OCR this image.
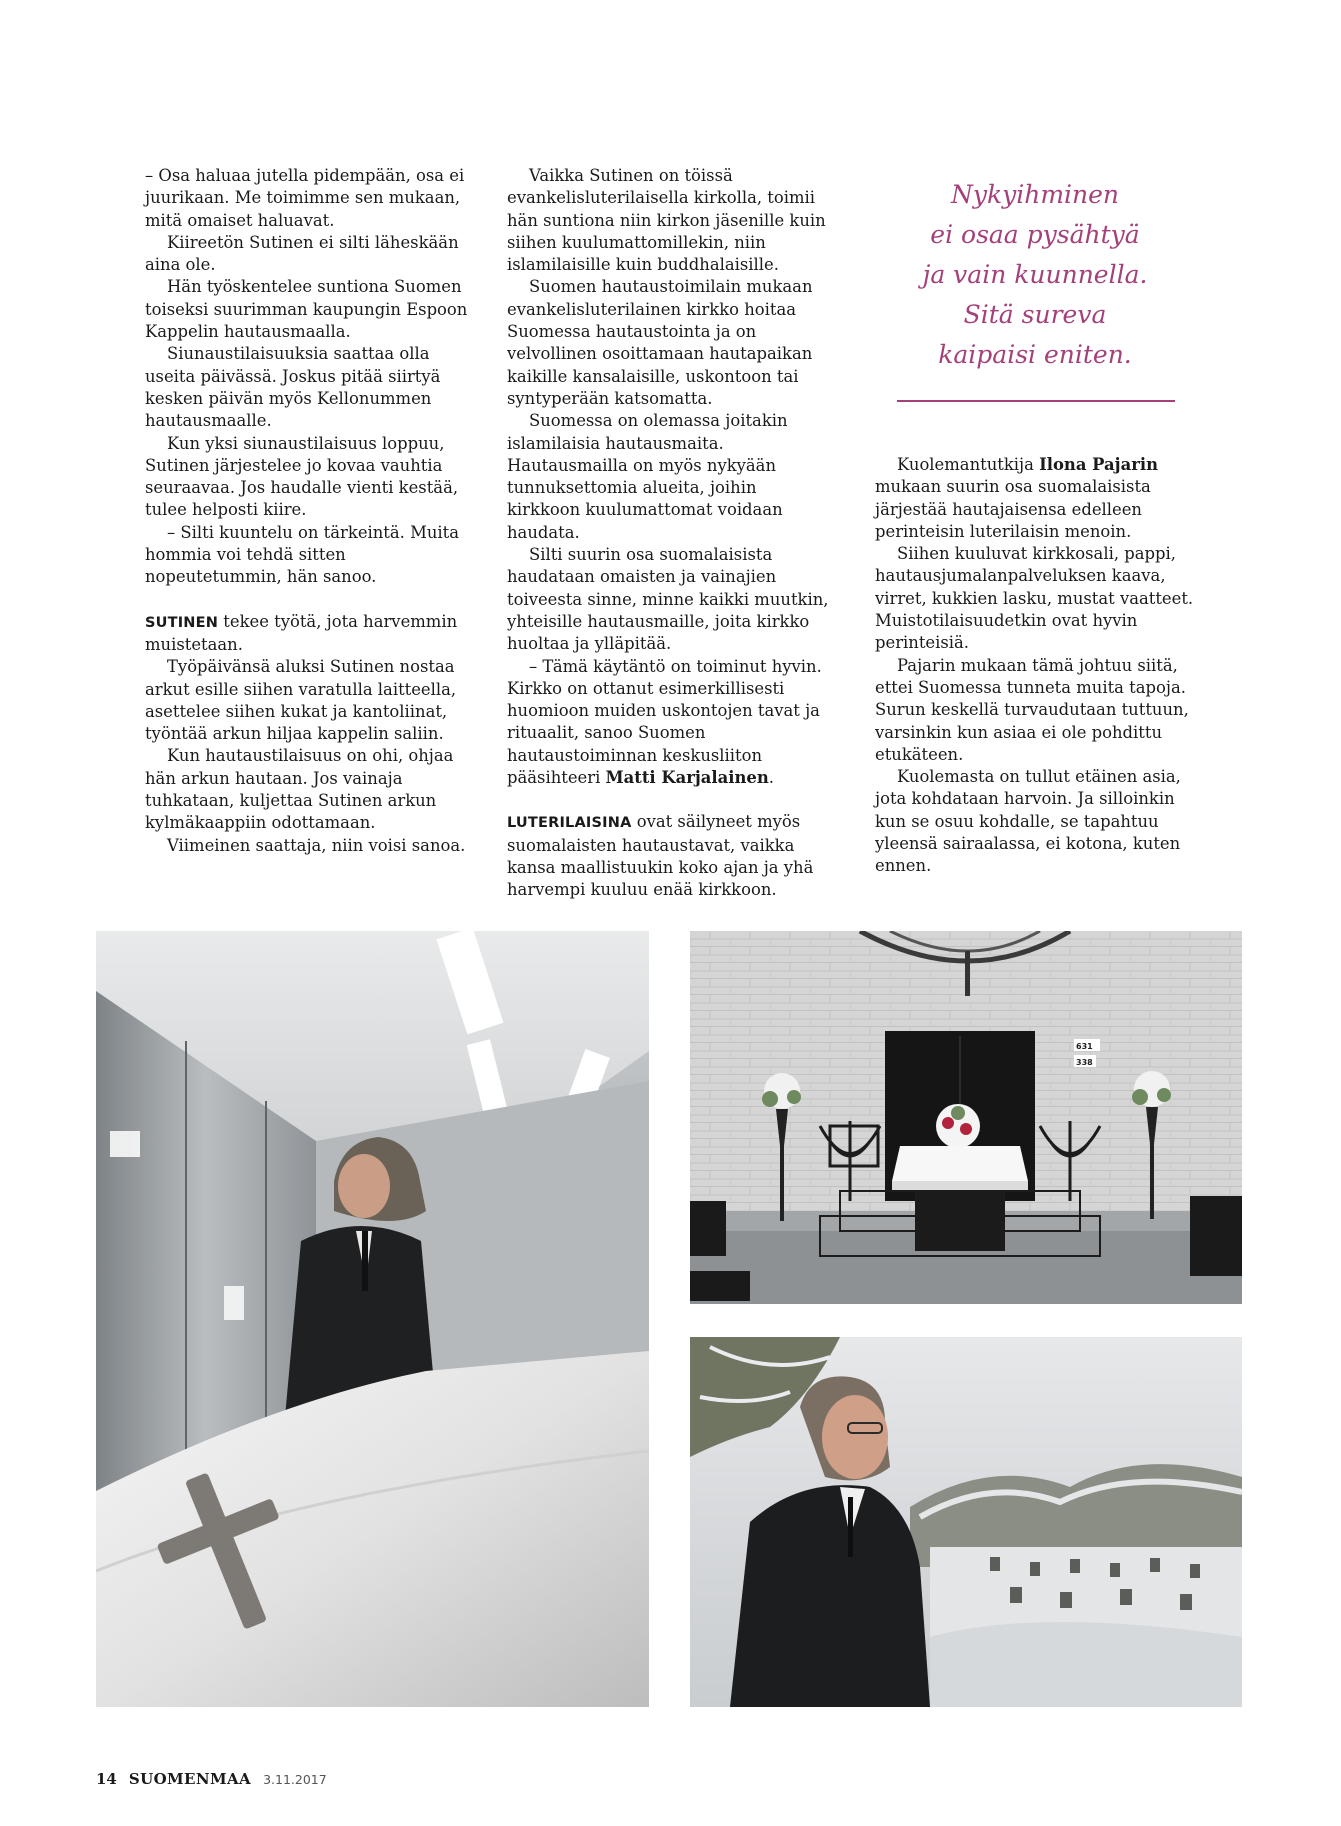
– Osa haluaa jutella pidempään, osa ei juurikaan. Me toimimme sen mukaan, mitä omaiset haluavat.

Kiireetön Sutinen ei silti läheskään aina ole.

Hän työskentelee suntiona Suomen toiseksi suurimman kaupungin Espoon Kappelin hautausmaalla.

Siunaustilaisuuksia saattaa olla useita päivässä. Joskus pitää siirtyä kesken päivän myös Kellonummen hautausmaalle.

Kun yksi siunaustilaisuus loppuu, Sutinen järjestelee jo kovaa vauhtia seuraavaa. Jos haudalle vienti kestää, tulee helposti kiire.

– Silti kuuntelu on tärkeintä. Muita hommia voi tehdä sitten nopeutetummin, hän sanoo.

SUTINEN tekee työtä, jota harvemmin muistetaan.

Työpäivänsä aluksi Sutinen nostaa arkut esille siihen varatulla laitteella, asettelee siihen kukat ja kantoliinat, työntää arkun hiljaa kappelin saliin.

Kun hautaustilaisuus on ohi, ohjaa hän arkun hautaan. Jos vainaja tuhkataan, kuljettaa Sutinen arkun kylmäkaappiin odottamaan.

Viimeinen saattaja, niin voisi sanoa.

Vaikka Sutinen on töissä evankelisluterilaisella kirkolla, toimii hän suntiona niin kirkon jäsenille kuin siihen kuulumattomillekin, niin islamilaisille kuin buddhalaisille.

Suomen hautaustoimilain mukaan evankelisluterilainen kirkko hoitaa Suomessa hautaustointa ja on velvollinen osoittamaan hautapaikan kaikille kansalaisille, uskontoon tai syntyperään katsomatta.

Suomessa on olemassa joitakin islamilaisia hautausmaita. Hautausmailla on myös nykyään tunnuksettomia alueita, joihin kirkkoon kuulumattomat voidaan haudata.

Silti suurin osa suomalaisista haudataan omaisten ja vainajien toiveesta sinne, minne kaikki muutkin, yhteisille hautausmaille, joita kirkko huoltaa ja ylläpitää.

– Tämä käytäntö on toiminut hyvin. Kirkko on ottanut esimerkillisesti huomioon muiden uskontojen tavat ja rituaalit, sanoo Suomen hautaustoiminnan keskusliiton pääsihteeri Matti Karjalainen.

LUTERILAISINA ovat säilyneet myös suomalaisten hautaustavat, vaikka kansa maallistuukin koko ajan ja yhä harvempi kuuluu enää kirkkoon.

Nykyihminen
ei osaa pysähtyä
ja vain kuunnella.
Sitä sureva
kaipaisi eniten.

Kuolemantutkija Ilona Pajarin mukaan suurin osa suomalaisista järjestää hautajaisensa edelleen perinteisin luterilaisin menoin.

Siihen kuuluvat kirkkosali, pappi, hautausjumalanpalveluksen kaava, virret, kukkien lasku, mustat vaatteet. Muistotilaisuudetkin ovat hyvin perinteisiä.

Pajarin mukaan tämä johtuu siitä, ettei Suomessa tunneta muita tapoja. Surun keskellä turvaudutaan tuttuun, varsinkin kun asiaa ei ole pohdittu etukäteen.

Kuolemasta on tullut etäinen asia, jota kohdataan harvoin. Ja silloinkin kun se osuu kohdalle, se tapahtuu yleensä sairaalassa, ei kotona, kuten ennen.

631
338
14 SUOMENMAA 3.11.2017
